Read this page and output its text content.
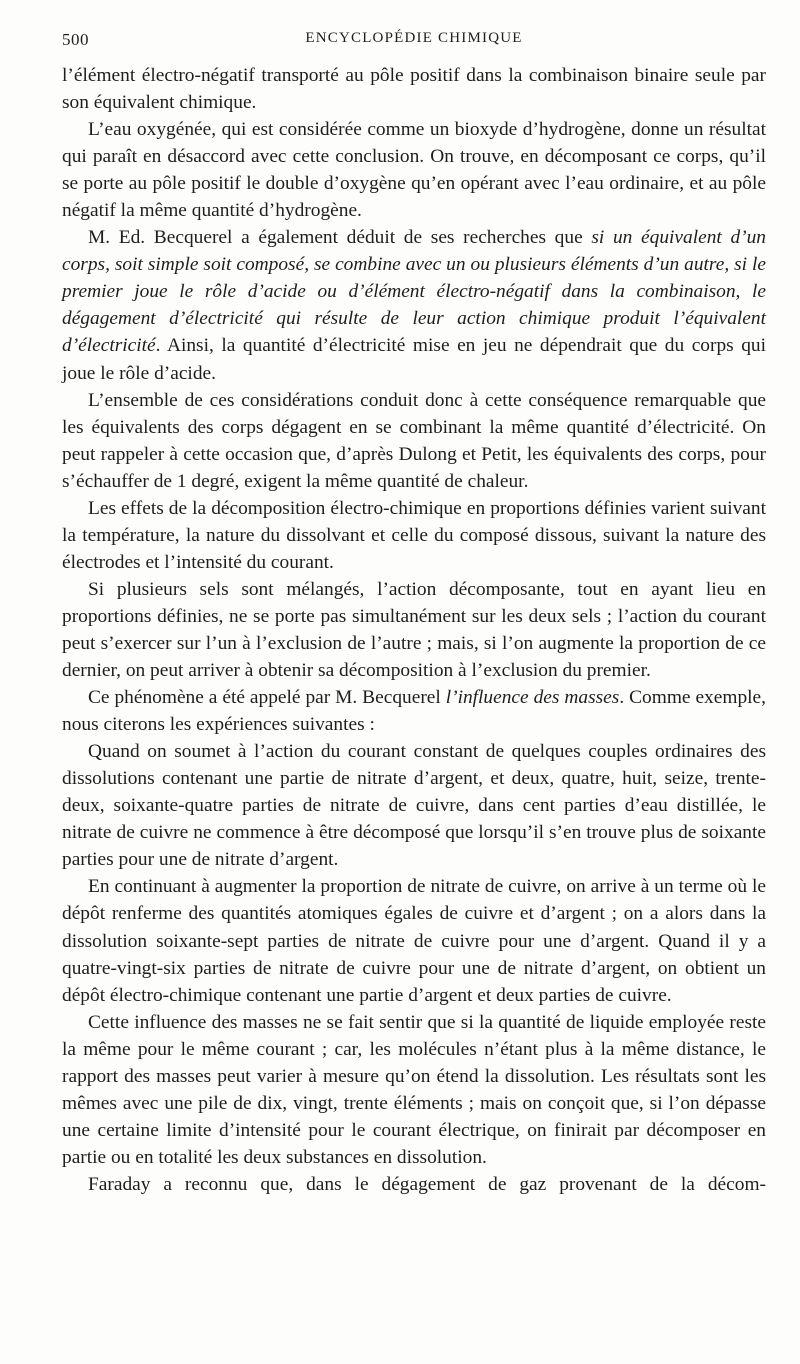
500	ENCYCLOPÉDIE CHIMIQUE

l’élément électro-négatif transporté au pôle positif dans la combinaison binaire seule par son équivalent chimique.

L’eau oxygénée, qui est considérée comme un bioxyde d’hydrogène, donne un résultat qui paraît en désaccord avec cette conclusion. On trouve, en décomposant ce corps, qu’il se porte au pôle positif le double d’oxygène qu’en opérant avec l’eau ordinaire, et au pôle négatif la même quantité d’hydrogène.

M. Ed. Becquerel a également déduit de ses recherches que si un équivalent d’un corps, soit simple soit composé, se combine avec un ou plusieurs éléments d’un autre, si le premier joue le rôle d’acide ou d’élément électro-négatif dans la combinaison, le dégagement d’électricité qui résulte de leur action chimique produit l’équivalent d’électricité. Ainsi, la quantité d’électricité mise en jeu ne dépendrait que du corps qui joue le rôle d’acide.

L’ensemble de ces considérations conduit donc à cette conséquence remarquable que les équivalents des corps dégagent en se combinant la même quantité d’électricité. On peut rappeler à cette occasion que, d’après Dulong et Petit, les équivalents des corps, pour s’échauffer de 1 degré, exigent la même quantité de chaleur.

Les effets de la décomposition électro-chimique en proportions définies varient suivant la température, la nature du dissolvant et celle du composé dissous, suivant la nature des électrodes et l’intensité du courant.

Si plusieurs sels sont mélangés, l’action décomposante, tout en ayant lieu en proportions définies, ne se porte pas simultanément sur les deux sels ; l’action du courant peut s’exercer sur l’un à l’exclusion de l’autre ; mais, si l’on augmente la proportion de ce dernier, on peut arriver à obtenir sa décomposition à l’exclusion du premier.

Ce phénomène a été appelé par M. Becquerel l’influence des masses. Comme exemple, nous citerons les expériences suivantes :

Quand on soumet à l’action du courant constant de quelques couples ordinaires des dissolutions contenant une partie de nitrate d’argent, et deux, quatre, huit, seize, trente-deux, soixante-quatre parties de nitrate de cuivre, dans cent parties d’eau distillée, le nitrate de cuivre ne commence à être décomposé que lorsqu’il s’en trouve plus de soixante parties pour une de nitrate d’argent.

En continuant à augmenter la proportion de nitrate de cuivre, on arrive à un terme où le dépôt renferme des quantités atomiques égales de cuivre et d’argent ; on a alors dans la dissolution soixante-sept parties de nitrate de cuivre pour une d’argent. Quand il y a quatre-vingt-six parties de nitrate de cuivre pour une de nitrate d’argent, on obtient un dépôt électro-chimique contenant une partie d’argent et deux parties de cuivre.

Cette influence des masses ne se fait sentir que si la quantité de liquide employée reste la même pour le même courant ; car, les molécules n’étant plus à la même distance, le rapport des masses peut varier à mesure qu’on étend la dissolution. Les résultats sont les mêmes avec une pile de dix, vingt, trente éléments ; mais on conçoit que, si l’on dépasse une certaine limite d’intensité pour le courant électrique, on finirait par décomposer en partie ou en totalité les deux substances en dissolution.

Faraday a reconnu que, dans le dégagement de gaz provenant de la décom-
